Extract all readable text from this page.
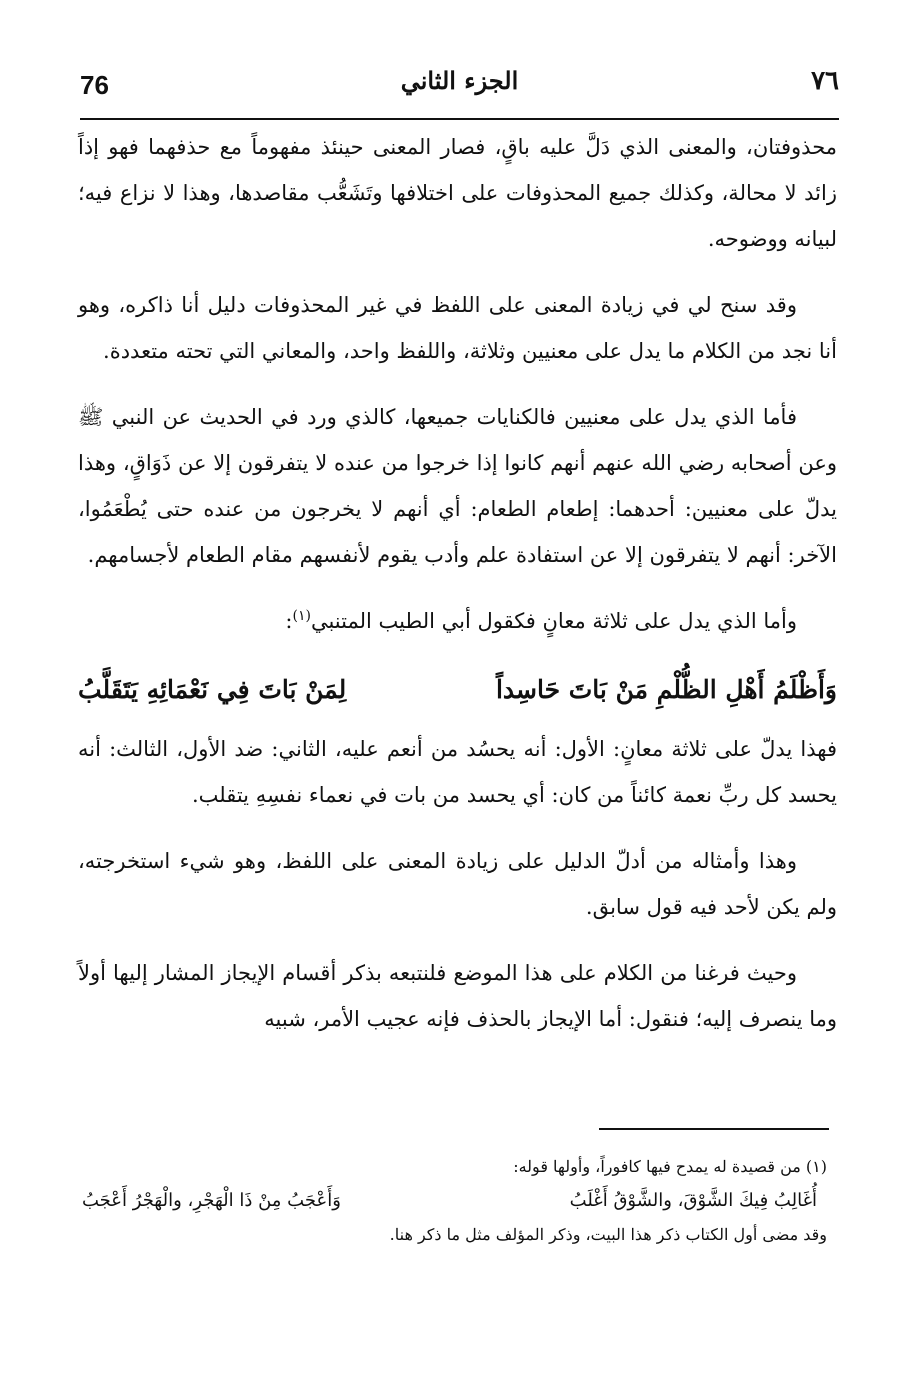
76	الجزء الثاني	٧٦

محذوفتان، والمعنى الذي دَلَّ عليه باقٍ، فصار المعنى حينئذ مفهوماً مع حذفهما فهو إذاً زائد لا محالة، وكذلك جميع المحذوفات على اختلافها وتَشَعُّب مقاصدها، وهذا لا نزاع فيه؛ لبيانه ووضوحه.

وقد سنح لي في زيادة المعنى على اللفظ في غير المحذوفات دليل أنا ذاكره، وهو أنا نجد من الكلام ما يدل على معنيين وثلاثة، واللفظ واحد، والمعاني التي تحته متعددة.

فأما الذي يدل على معنيين فالكنايات جميعها، كالذي ورد في الحديث عن النبي ﷺ وعن أصحابه رضي الله عنهم أنهم كانوا إذا خرجوا من عنده لا يتفرقون إلا عن ذَوَاقٍ، وهذا يدلّ على معنيين: أحدهما: إطعام الطعام: أي أنهم لا يخرجون من عنده حتى يُطْعَمُوا، الآخر: أنهم لا يتفرقون إلا عن استفادة علم وأدب يقوم لأنفسهم مقام الطعام لأجسامهم.

وأما الذي يدل على ثلاثة معانٍ فكقول أبي الطيب المتنبي$^{(١)}$:

وَأَظْلَمُ أَهْلِ الظُّلْمِ مَنْ بَاتَ حَاسِداً
لِمَنْ بَاتَ فِي نَعْمَائِهِ يَتَقَلَّبُ

فهذا يدلّ على ثلاثة معانٍ: الأول: أنه يحسُد من أنعم عليه، الثاني: ضد الأول، الثالث: أنه يحسد كل ربِّ نعمة كائناً من كان: أي يحسد من بات في نعماء نفسِهِ يتقلب.

وهذا وأمثاله من أدلّ الدليل على زيادة المعنى على اللفظ، وهو شيء استخرجته، ولم يكن لأحد فيه قول سابق.

وحيث فرغنا من الكلام على هذا الموضع فلنتبعه بذكر أقسام الإيجاز المشار إليها أولاً وما ينصرف إليه؛ فنقول: أما الإيجاز بالحذف فإنه عجيب الأمر، شبيه

(١) من قصيدة له يمدح فيها كافوراً، وأولها قوله:

أُغَالِبُ فِيكَ الشَّوْقَ، والشَّوْقُ أَغْلَبُ
وَأَعْجَبُ مِنْ ذَا الْهَجْرِ، والْهَجْرُ أَعْجَبُ

وقد مضى أول الكتاب ذكر هذا البيت، وذكر المؤلف مثل ما ذكر هنا.
